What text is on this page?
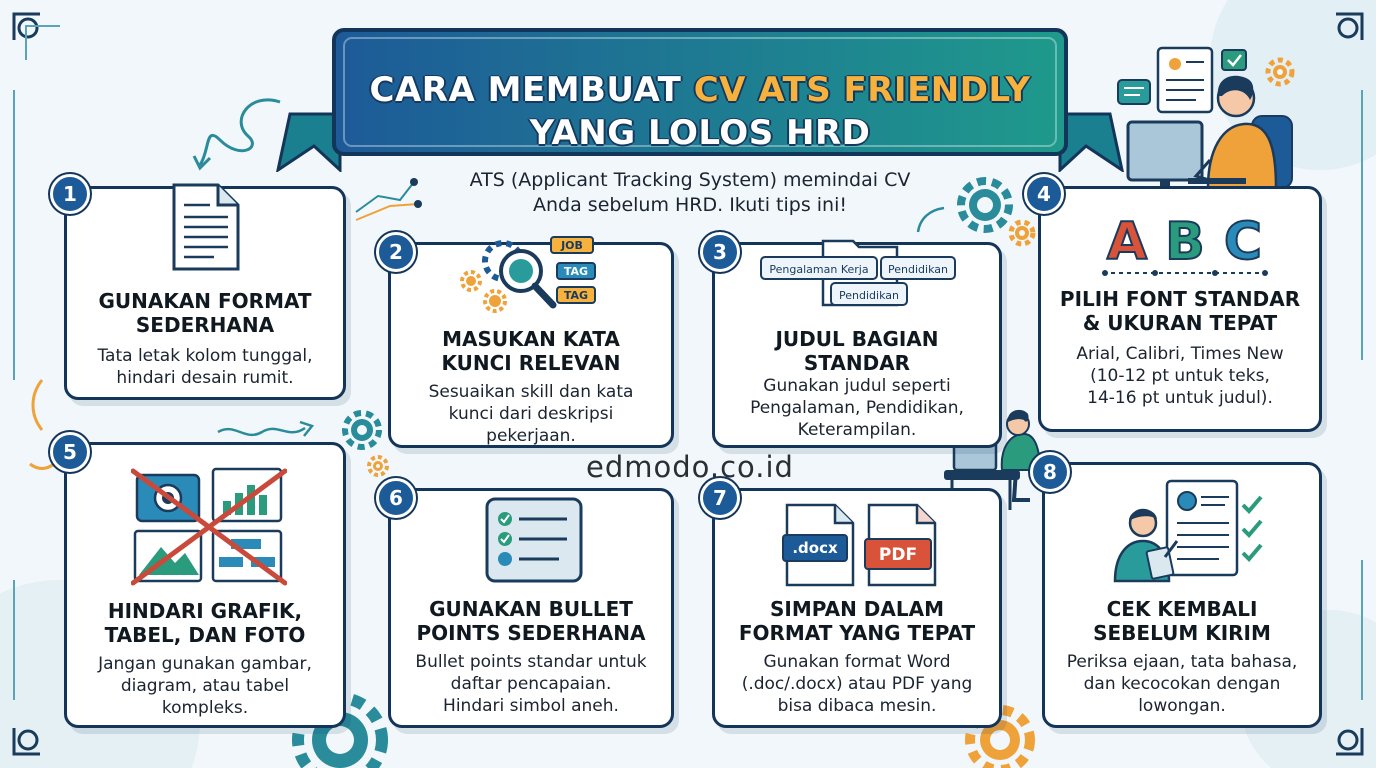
CARA MEMBUAT CV ATS FRIENDLY
YANG LOLOS HRD
ATS (Applicant Tracking System) memindai CV
Anda sebelum HRD. Ikuti tips ini!
GUNAKAN FORMAT
SEDERHANA
Tata letak kolom tunggal,
hindari desain rumit.
1
JOB
TAG
TAG
MASUKAN KATA
KUNCI RELEVAN
Sesuaikan skill dan kata
kunci dari deskripsi
pekerjaan.
2
Pengalaman Kerja Pendidikan
Pendidikan
JUDUL BAGIAN
STANDAR
Gunakan judul seperti
Pengalaman, Pendidikan,
Keterampilan.
3	A B C
PILIH FONT STANDAR
& UKURAN TEPAT
Arial, Calibri, Times New
(10-12 pt untuk teks,
14-16 pt untuk judul).
4
HINDARI GRAFIK,
TABEL, DAN FOTO
Jangan gunakan gambar,
diagram, atau tabel
kompleks.
5
GUNAKAN BULLET
POINTS SEDERHANA
Bullet points standar untuk
daftar pencapaian.
Hindari simbol aneh.
6
.docx PDF
SIMPAN DALAM
FORMAT YANG TEPAT
Gunakan format Word
(.doc/.docx) atau PDF yang
bisa dibaca mesin.
7
CEK KEMBALI
SEBELUM KIRIM
Periksa ejaan, tata bahasa,
dan kecocokan dengan
lowongan.
8
edmodo.co.id
